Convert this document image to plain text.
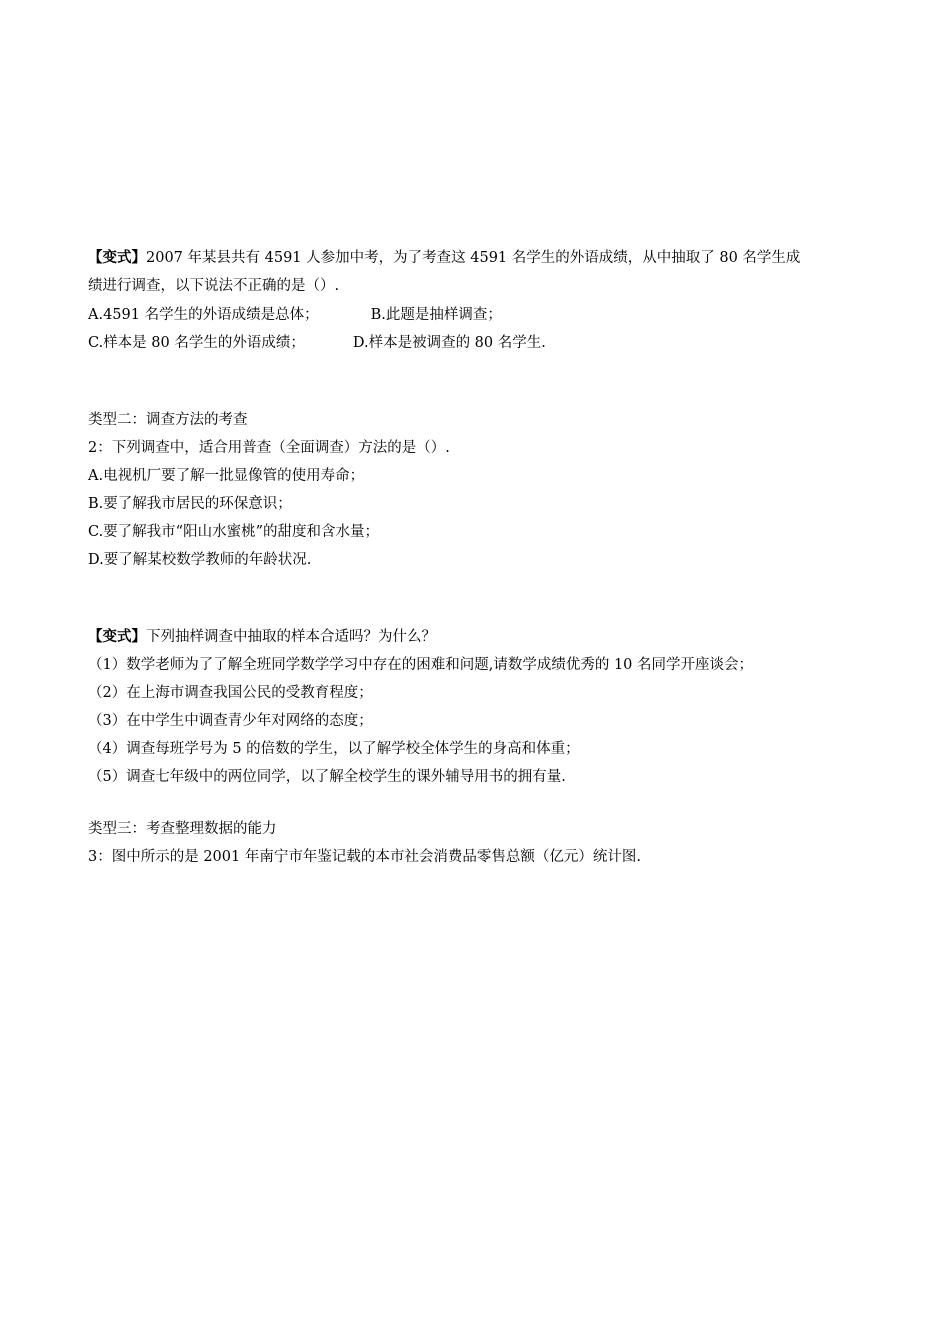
【变式】2007 年某县共有 4591 人参加中考，为了考查这 4591 名学生的外语成绩，从中抽取了 80 名学生成
绩进行调查，以下说法不正确的是（）.
A.4591 名学生的外语成绩是总体；	B.此题是抽样调查；
C.样本是 80 名学生的外语成绩；	D.样本是被调查的 80 名学生.
类型二：调查方法的考查
2：下列调查中，适合用普查（全面调查）方法的是（）.
A.电视机厂要了解一批显像管的使用寿命；
B.要了解我市居民的环保意识；
C.要了解我市“阳山水蜜桃”的甜度和含水量；
D.要了解某校数学教师的年龄状况.
【变式】下列抽样调查中抽取的样本合适吗？为什么？
（1）数学老师为了了解全班同学数学学习中存在的困难和问题,请数学成绩优秀的 10 名同学开座谈会；
（2）在上海市调查我国公民的受教育程度；
（3）在中学生中调查青少年对网络的态度；
（4）调查每班学号为 5 的倍数的学生，以了解学校全体学生的身高和体重；
（5）调查七年级中的两位同学，以了解全校学生的课外辅导用书的拥有量.
类型三：考查整理数据的能力
3：图中所示的是 2001 年南宁市年鉴记载的本市社会消费品零售总额（亿元）统计图.
